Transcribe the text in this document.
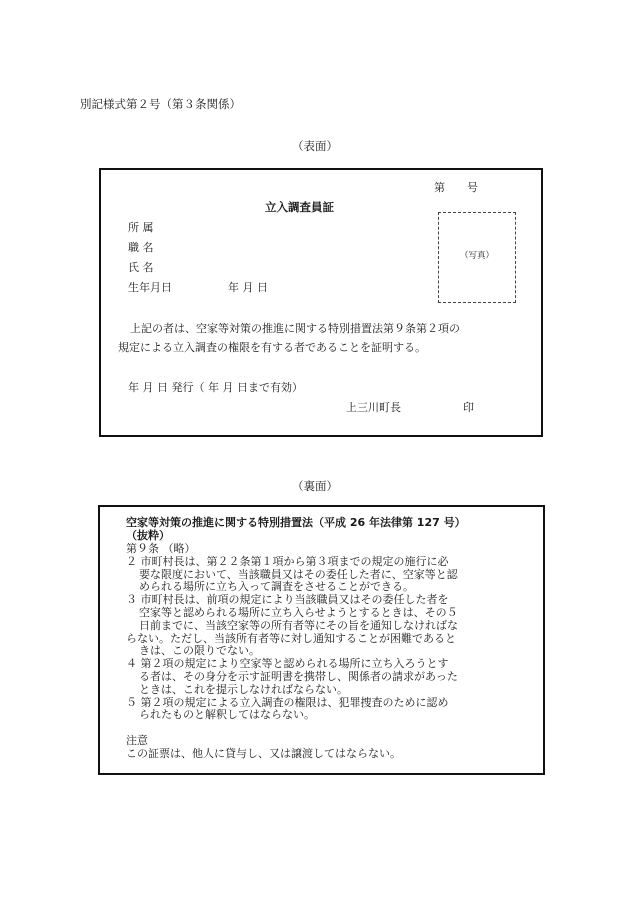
別記様式第２号（第３条関係）
（表面）
第 号
立入調査員証
所 属
職 名
氏 名
生年月日	年 月 日
（写真）
上記の者は、空家等対策の推進に関する特別措置法第９条第２項の
規定による立入調査の権限を有する者であることを証明する。
年 月 日 発行（ 年 月 日まで有効）
上三川町長	印
（裏面）
空家等対策の推進に関する特別措置法（平成 26 年法律第 127 号）
（抜粋）
第９条 （略）
２ 市町村長は、第２２条第１項から第３項までの規定の施行に必
要な限度において、当該職員又はその委任した者に、空家等と認
められる場所に立ち入って調査をさせることができる。
３ 市町村長は、前項の規定により当該職員又はその委任した者を
空家等と認められる場所に立ち入らせようとするときは、その５
日前までに、当該空家等の所有者等にその旨を通知しなければな
らない。ただし、当該所有者等に対し通知することが困難であると
きは、この限りでない。
４ 第２項の規定により空家等と認められる場所に立ち入ろうとす
る者は、その身分を示す証明書を携帯し、関係者の請求があった
ときは、これを提示しなければならない。
５ 第２項の規定による立入調査の権限は、犯罪捜査のために認め
られたものと解釈してはならない。
注意
この証票は、他人に貸与し、又は譲渡してはならない。
